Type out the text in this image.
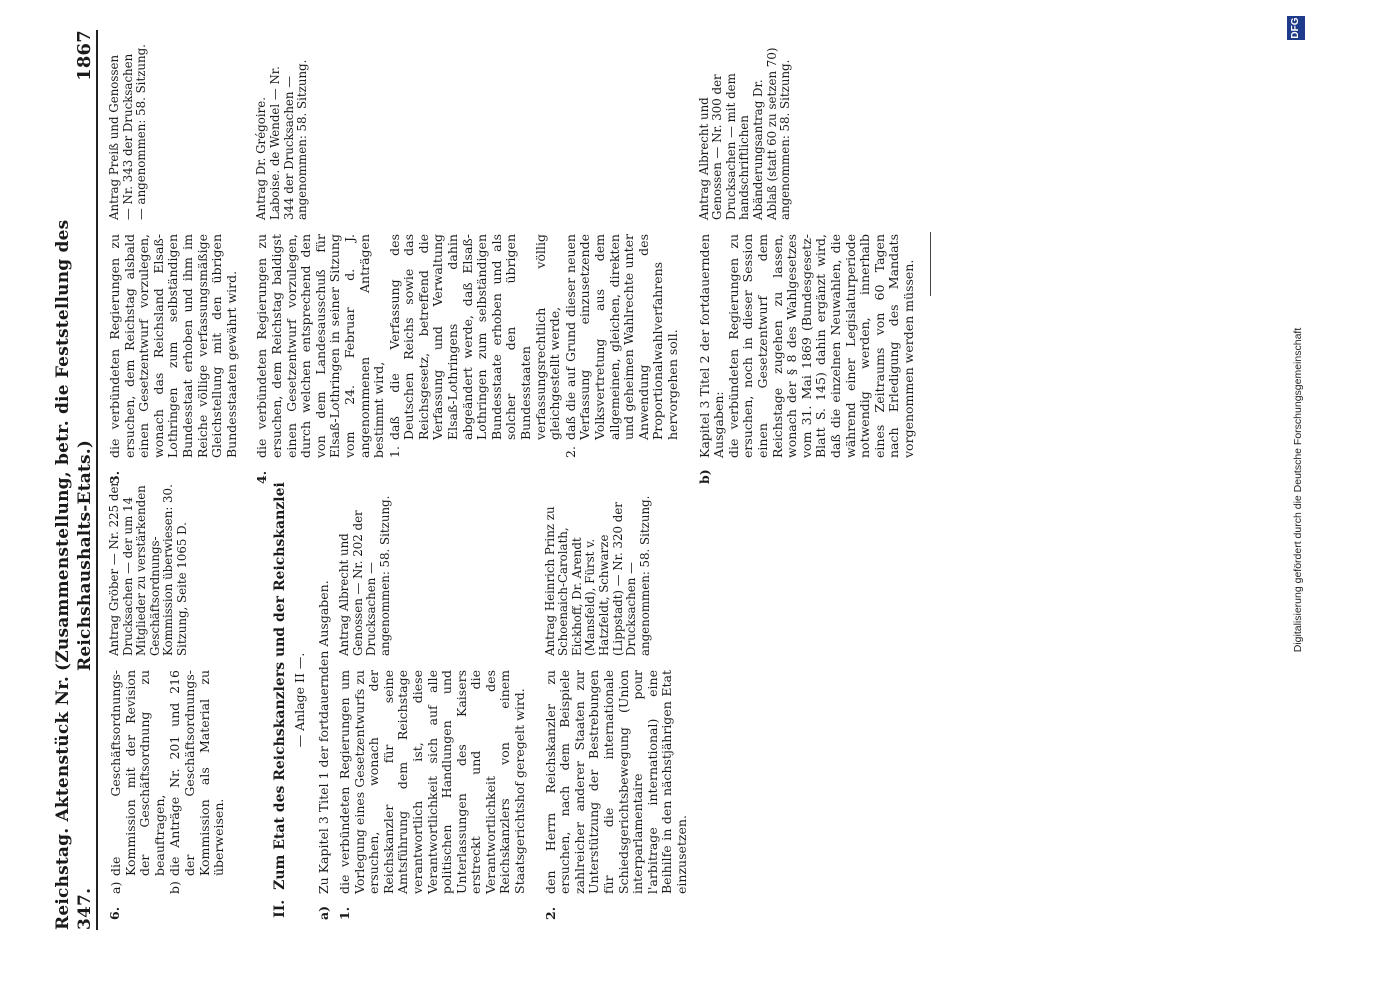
Reichstag. Aktenstück Nr. 347.
(Zusammenstellung, betr. die Feststellung des Reichshaushalts-Etats.)
1867
6.
a)
die Geschäftsordnungs-Kommission mit der Revision der Geschäftsordnung zu beauftragen,
b)
die Anträge Nr. 201 und 216 der Geschäftsordnungs-Kommission als Material zu überweisen.
Antrag Gröber — Nr. 225 der Drucksachen — der um 14 Mitglieder zu verstärkenden Geschäftsordnungs-Kommission überwiesen: 30. Sitzung, Seite 1065 D.
II.Zum Etat des Reichskanzlers und der Reichskanzlei — Anlage II —.
a)
Zu Kapitel 3 Titel 1 der fortdauernden Ausgaben.
1.
die verbündeten Regierungen um Vorlegung eines Gesetzentwurfs zu ersuchen, wonach der Reichskanzler für seine Amtsführung dem Reichstage verantwortlich ist, diese Verantwortlichkeit sich auf alle politischen Handlungen und Unterlassungen des Kaisers erstreckt und die Verantwortlichkeit des Reichskanzlers von einem Staatsgerichtshof geregelt wird.
Antrag Albrecht und Genossen — Nr. 202 der Drucksachen — angenommen: 58. Sitzung.
2.
den Herrn Reichskanzler zu ersuchen, nach dem Beispiele zahlreicher anderer Staaten zur Unterstützung der Bestrebungen für die internationale Schiedsgerichtsbewegung (Union interparlamentaire pour l'arbitrage international) eine Beihilfe in den nächstjährigen Etat einzusetzen.
Antrag Heinrich Prinz zu Schoenaich-Carolath, Eickhoff, Dr. Arendt (Mansfeld), Fürst v. Hatzfeldt, Schwarze (Lippstadt) — Nr. 320 der Drucksachen — angenommen: 58. Sitzung.
3.
die verbündeten Regierungen zu ersuchen, dem Reichstag alsbald einen Gesetzentwurf vorzulegen, wonach das Reichsland Elsaß-Lothringen zum selbständigen Bundesstaat erhoben und ihm im Reiche völlige verfassungsmäßige Gleichstellung mit den übrigen Bundesstaaten gewährt wird.
Antrag Preiß und Genossen — Nr. 343 der Drucksachen — angenommen: 58. Sitzung.
4.
die verbündeten Regierungen zu ersuchen, dem Reichstag baldigst einen Gesetzentwurf vorzulegen, durch welchen entsprechend den von dem Landesausschuß für Elsaß-Lothringen in seiner Sitzung vom 24. Februar d. J. angenommenen Anträgen bestimmt wird, 1.
daß die Verfassung des Deutschen Reichs sowie das Reichsgesetz, betreffend die Verfassung und Verwaltung Elsaß-Lothringens dahin abgeändert werde, daß Elsaß-Lothringen zum selbständigen Bundesstaate erhoben und als solcher den übrigen Bundesstaaten verfassungsrechtlich völlig gleichgestellt werde,
2.
daß die auf Grund dieser neuen Verfassung einzusetzende Volksvertretung aus dem allgemeinen, gleichen, direkten und geheimen Wahlrechte unter Anwendung des Proportionalwahlverfahrens hervorgehen soll.
Antrag Dr. Grégoire. Laboise. de Wendel — Nr. 344 der Drucksachen — angenommen: 58. Sitzung.
b)
Kapitel 3 Titel 2 der fortdauernden Ausgaben: die verbündeten Regierungen zu ersuchen, noch in dieser Session einen Gesetzentwurf dem Reichstage zugehen zu lassen, wonach der § 8 des Wahlgesetzes vom 31. Mai 1869 (Bundesgesetz-Blatt S. 145) dahin ergänzt wird, daß die einzelnen Neuwahlen, die während einer Legislaturperiode notwendig werden, innerhalb eines Zeitraums von 60 Tagen nach Erledigung des Mandats vorgenommen werden müssen.
Antrag Albrecht und Genossen — Nr. 300 der Drucksachen — mit dem handschriftlichen Abänderungsantrag Dr. Ablaß (statt 60 zu setzen 70) angenommen: 58. Sitzung.
Digitalisierung gefördert durch die Deutsche Forschungsgemeinschaft
DFG
